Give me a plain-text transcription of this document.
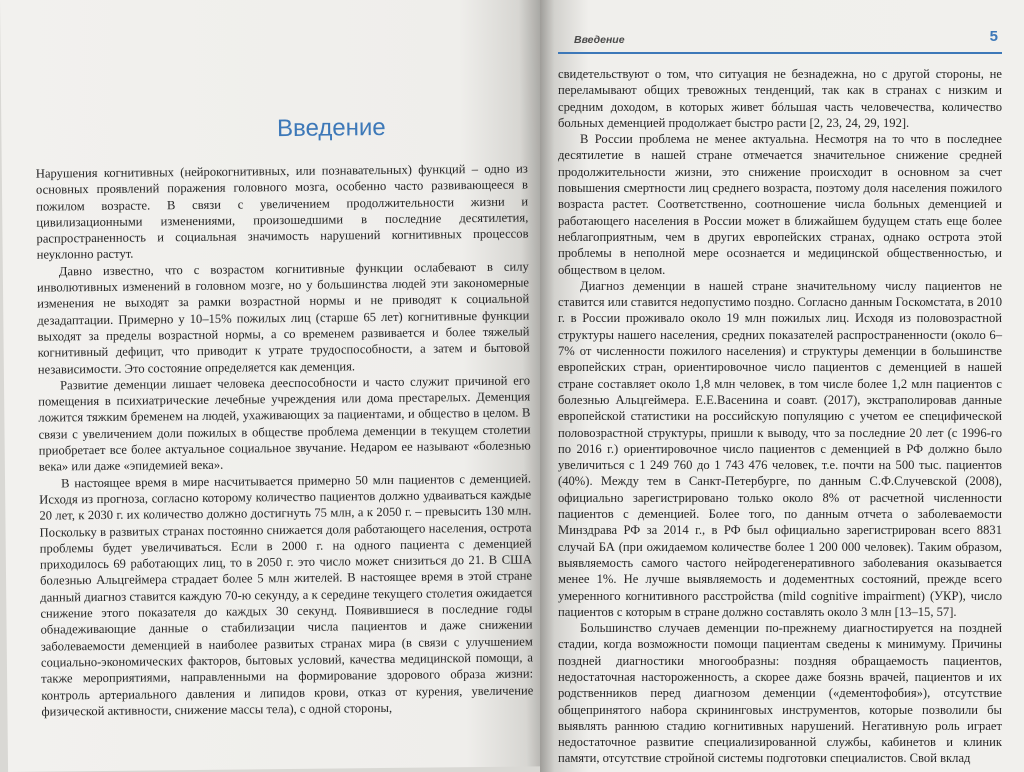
Введение

Нарушения когнитивных (нейрокогнитивных, или познавательных) функций – одно из основных проявлений поражения головного мозга, особенно часто развивающееся в пожилом возрасте. В связи с увеличением продолжительности жизни и цивилизационными изменениями, произошедшими в последние десятилетия, распространенность и социальная значимость нарушений когнитивных процессов неуклонно растут.

Давно известно, что с возрастом когнитивные функции ослабевают в силу инволютивных изменений в головном мозге, но у большинства людей эти закономерные изменения не выходят за рамки возрастной нормы и не приводят к социальной дезадаптации. Примерно у 10–15% пожилых лиц (старше 65 лет) когнитивные функции выходят за пределы возрастной нормы, а со временем развивается и более тяжелый когнитивный дефицит, что приводит к утрате трудоспособности, а затем и бытовой независимости. Это состояние определяется как деменция.

Развитие деменции лишает человека дееспособности и часто служит причиной его помещения в психиатрические лечебные учреждения или дома престарелых. Деменция ложится тяжким бременем на людей, ухаживающих за пациентами, и общество в целом. В связи с увеличением доли пожилых в обществе проблема деменции в текущем столетии приобретает все более актуальное социальное звучание. Недаром ее называют «болезнью века» или даже «эпидемией века».

В настоящее время в мире насчитывается примерно 50 млн пациентов с деменцией. Исходя из прогноза, согласно которому количество пациентов должно удваиваться каждые 20 лет, к 2030 г. их количество должно достигнуть 75 млн, а к 2050 г. – превысить 130 млн. Поскольку в развитых странах постоянно снижается доля работающего населения, острота проблемы будет увеличиваться. Если в 2000 г. на одного пациента с деменцией приходилось 69 работающих лиц, то в 2050 г. это число может снизиться до 21. В США болезнью Альцгеймера страдает более 5 млн жителей. В настоящее время в этой стране данный диагноз ставится каждую 70-ю секунду, а к середине текущего столетия ожидается снижение этого показателя до каждых 30 секунд. Появившиеся в последние годы обнадеживающие данные о стабилизации числа пациентов и даже снижении заболеваемости деменцией в наиболее развитых странах мира (в связи с улучшением социально-экономических факторов, бытовых условий, качества медицинской помощи, а также мероприятиями, направленными на формирование здорового образа жизни: контроль артериального давления и липидов крови, отказ от курения, увеличение физической активности, снижение массы тела), с одной стороны,

Введение	5

свидетельствуют о том, что ситуация не безнадежна, но с другой стороны, не переламывают общих тревожных тенденций, так как в странах с низким и средним доходом, в которых живет бóльшая часть человечества, количество больных деменцией продолжает быстро расти [2, 23, 24, 29, 192].

В России проблема не менее актуальна. Несмотря на то что в последнее десятилетие в нашей стране отмечается значительное снижение средней продолжительности жизни, это снижение происходит в основном за счет повышения смертности лиц среднего возраста, поэтому доля населения пожилого возраста растет. Соответственно, соотношение числа больных деменцией и работающего населения в России может в ближайшем будущем стать еще более неблагоприятным, чем в других европейских странах, однако острота этой проблемы в неполной мере осознается и медицинской общественностью, и обществом в целом.

Диагноз деменции в нашей стране значительному числу пациентов не ставится или ставится недопустимо поздно. Согласно данным Госкомстата, в 2010 г. в России проживало около 19 млн пожилых лиц. Исходя из половозрастной структуры нашего населения, средних показателей распространенности (около 6–7% от численности пожилого населения) и структуры деменции в большинстве европейских стран, ориентировочное число пациентов с деменцией в нашей стране составляет около 1,8 млн человек, в том числе более 1,2 млн пациентов с болезнью Альцгеймера. Е.Е.Васенина и соавт. (2017), экстраполировав данные европейской статистики на российскую популяцию с учетом ее специфической половозрастной структуры, пришли к выводу, что за последние 20 лет (с 1996-го по 2016 г.) ориентировочное число пациентов с деменцией в РФ должно было увеличиться с 1 249 760 до 1 743 476 человек, т.е. почти на 500 тыс. пациентов (40%). Между тем в Санкт-Петербурге, по данным С.Ф.Случевской (2008), официально зарегистрировано только около 8% от расчетной численности пациентов с деменцией. Более того, по данным отчета о заболеваемости Минздрава РФ за 2014 г., в РФ был официально зарегистрирован всего 8831 случай БА (при ожидаемом количестве более 1 200 000 человек). Таким образом, выявляемость самого частого нейродегенеративного заболевания оказывается менее 1%. Не лучше выявляемость и додементных состояний, прежде всего умеренного когнитивного расстройства (mild cognitive impairment) (УКР), число пациентов с которым в стране должно составлять около 3 млн [13–15, 57].

Большинство случаев деменции по-прежнему диагностируется на поздней стадии, когда возможности помощи пациентам сведены к минимуму. Причины поздней диагностики многообразны: поздняя обращаемость пациентов, недостаточная настороженность, а скорее даже боязнь врачей, пациентов и их родственников перед диагнозом деменции («дементофобия»), отсутствие общепринятого набора скрининговых инструментов, которые позволили бы выявлять раннюю стадию когнитивных нарушений. Негативную роль играет недостаточное развитие специализированной службы, кабинетов и клиник памяти, отсутствие стройной системы подготовки специалистов. Свой вклад
